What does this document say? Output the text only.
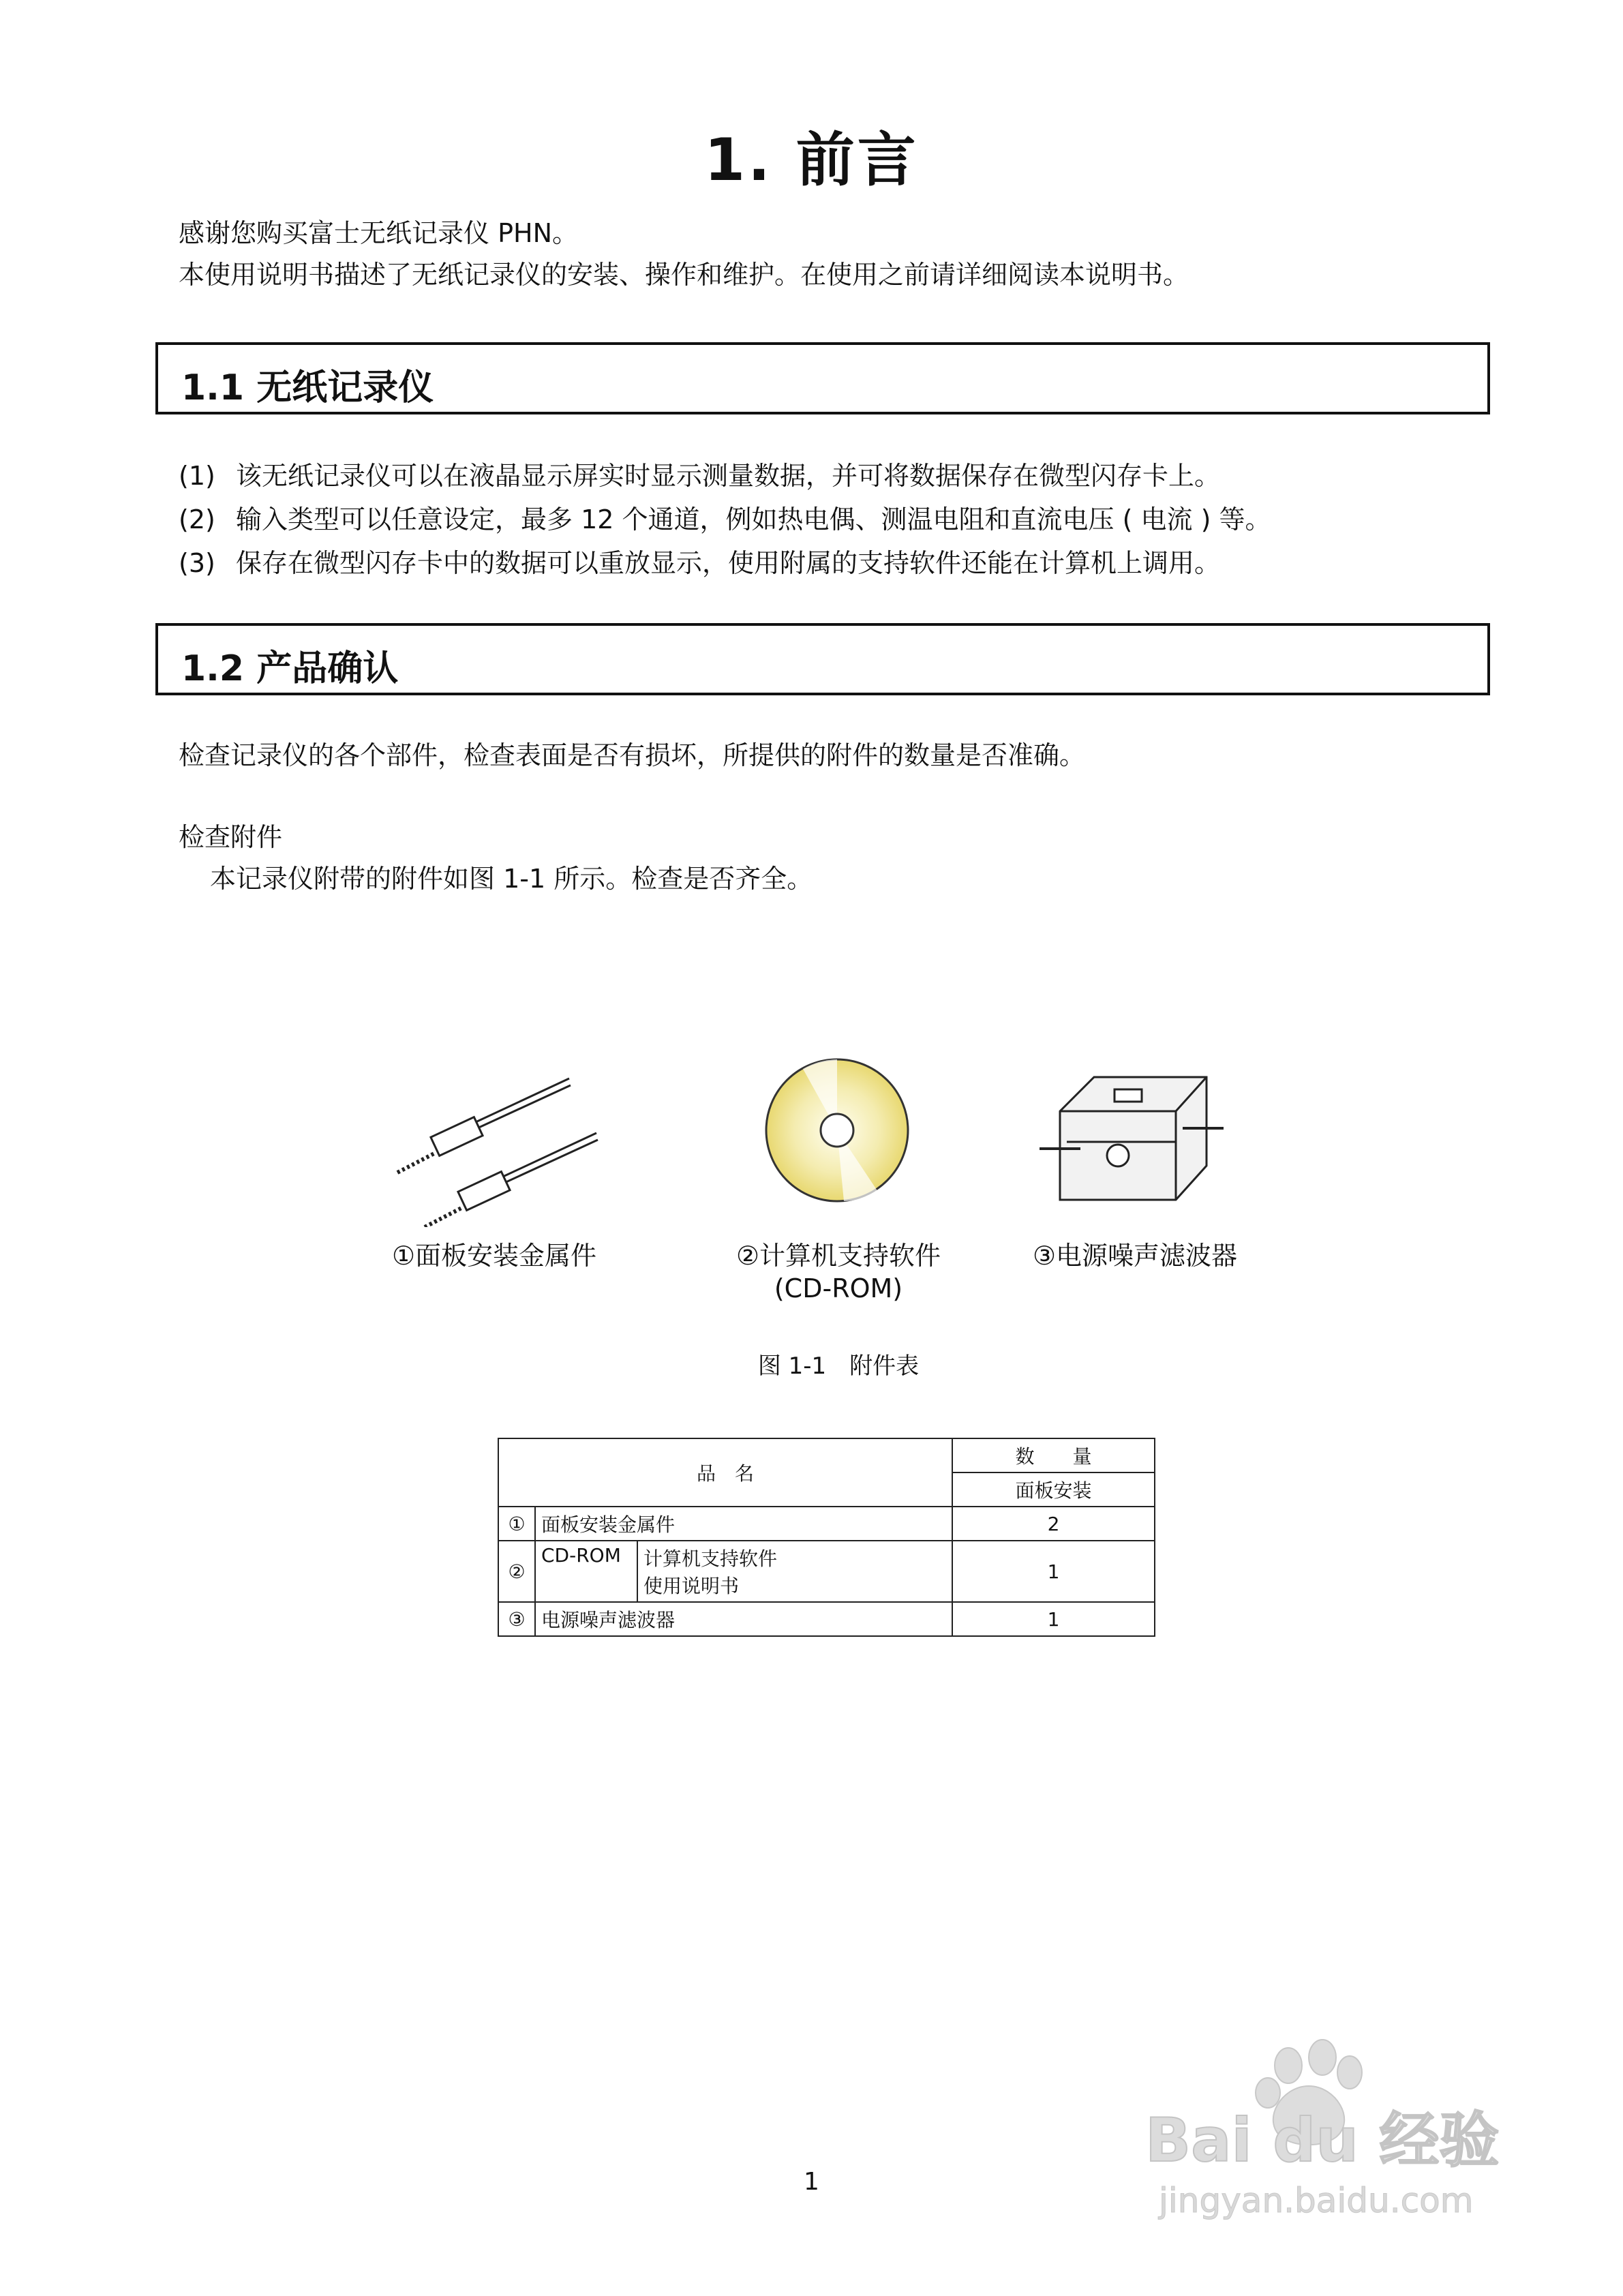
1. 前言
感谢您购买富士无纸记录仪 PHN。
本使用说明书描述了无纸记录仪的安装、操作和维护。在使用之前请详细阅读本说明书。
1.1 无纸记录仪
(1) 该无纸记录仪可以在液晶显示屏实时显示测量数据，并可将数据保存在微型闪存卡上。
(2) 输入类型可以任意设定，最多 12 个通道，例如热电偶、测温电阻和直流电压 ( 电流 ) 等。
(3) 保存在微型闪存卡中的数据可以重放显示，使用附属的支持软件还能在计算机上调用。
1.2 产品确认
检查记录仪的各个部件，检查表面是否有损坏，所提供的附件的数量是否准确。
检查附件
本记录仪附带的附件如图 1-1 所示。检查是否齐全。
①面板安装金属件	②计算机支持软件
(CD-ROM)
③电源噪声滤波器
图 1-1　附件表
品　名			数　　量
			面板安装
①	面板安装金属件		2
②	CD-ROM	计算机支持软件
使用说明书	1
③	电源噪声滤波器		1
1
Bai du 经验
jingyan.baidu.com
